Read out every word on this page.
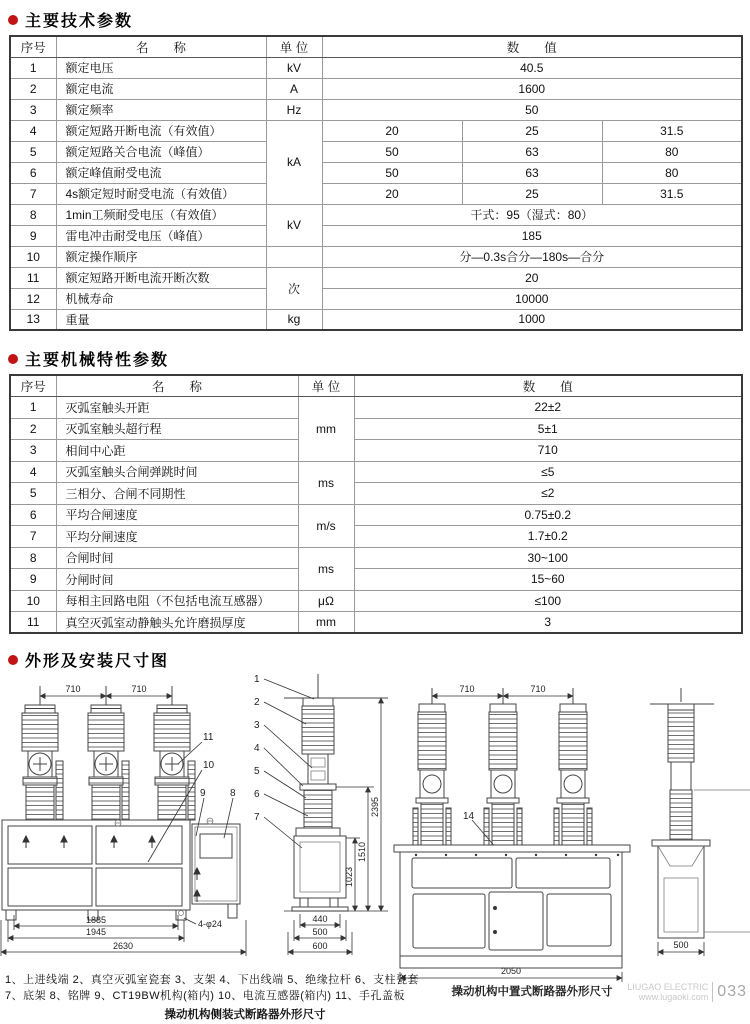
主要技术参数
序号	名　　称	单 位	数　　值		
1	额定电压	kV	40.5		
2	额定电流	A	1600		
3	额定频率	Hz	50		
4	额定短路开断电流（有效值）	kA	20	25	31.5
5	额定短路关合电流（峰值）		50	63	80
6	额定峰值耐受电流		50	63	80
7	4s额定短时耐受电流（有效值）		20	25	31.5
8	1min工频耐受电压（有效值）	kV	干式：95（湿式：80）		
9	雷电冲击耐受电压（峰值）		185		
10	额定操作顺序		分—0.3s合分—180s—合分		
11	额定短路开断电流开断次数	次	20		
12	机械寿命		10000		
13	重量	kg	1000		
主要机械特性参数
序号	名　　称	单 位	数　　值
1	灭弧室触头开距	mm	22±2
2	灭弧室触头超行程		5±1
3	相间中心距		710
4	灭弧室触头合闸弹跳时间	ms	≤5
5	三相分、合闸不同期性		≤2
6	平均合闸速度	m/s	0.75±0.2
7	平均分闸速度		1.7±0.2
8	合闸时间	ms	30~100
9	分闸时间		15~60
10	每相主回路电阻（不包括电流互感器）	μΩ	≤100
11	真空灭弧室动静触头允许磨损厚度	mm	3
外形及安装尺寸图
710	710
1885
1945
2630
4-φ24
11
10
9 8
1
2
3
4
5
6
7
2395
1510
1023
440
500
600
710	710
14
2050
操动机构中置式断路器外形尺寸
500
1、上进线端 2、真空灭弧室瓷套 3、支架 4、下出线端 5、绝缘拉杆 6、支柱瓷套
7、底架 8、铭牌 9、CT19BW机构(箱内) 10、电流互感器(箱内) 11、手孔盖板
操动机构侧装式断路器外形尺寸
LIUGAO ELECTRIC
www.lugaoki.com 033
